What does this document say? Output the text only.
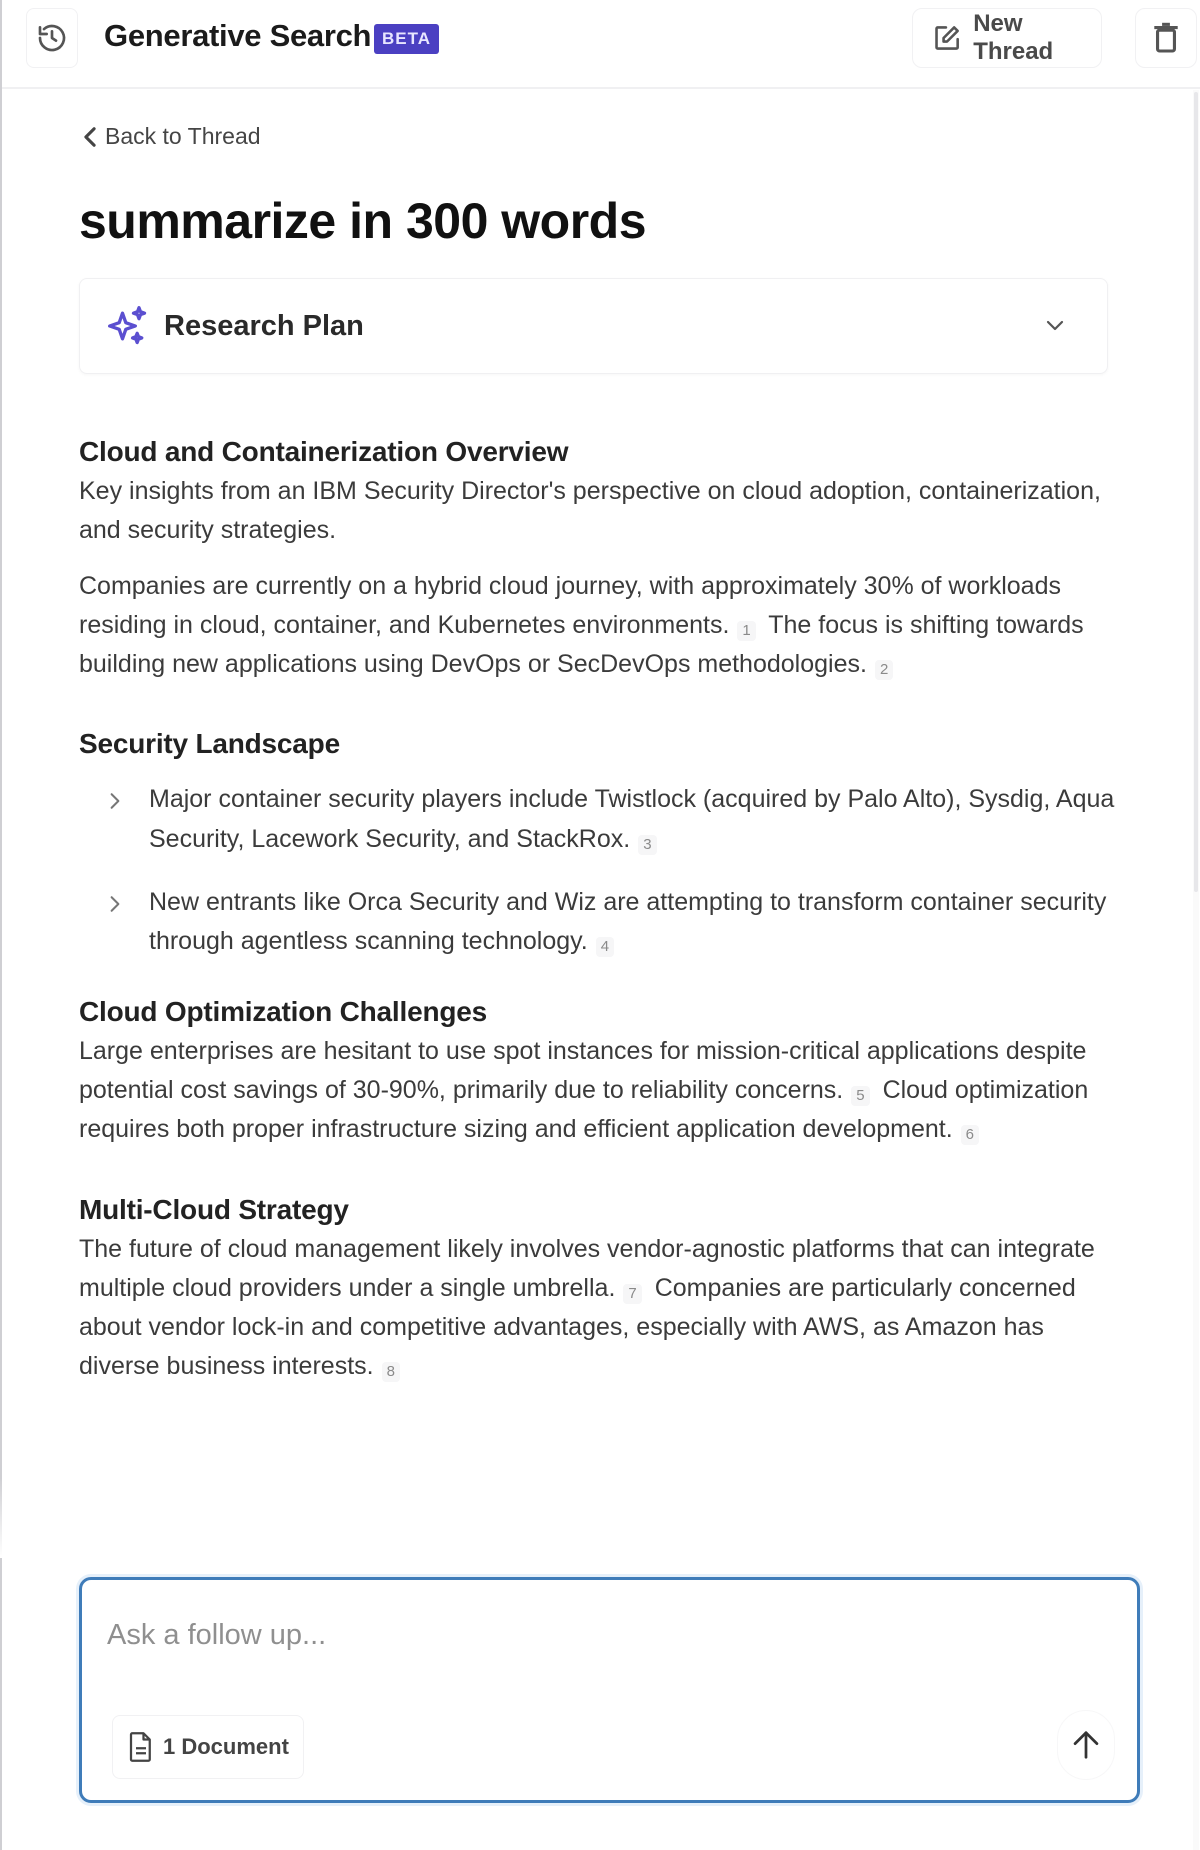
Generative Search BETA
New Thread
Back to Thread
summarize in 300 words
Research Plan
Cloud and Containerization Overview

Key insights from an IBM Security Director's perspective on cloud adoption, containerization, and security strategies.

Companies are currently on a hybrid cloud journey, with approximately 30% of workloads residing in cloud, container, and Kubernetes environments. 1 The focus is shifting towards building new applications using DevOps or SecDevOps methodologies. 2

Security Landscape
Major container security players include Twistlock (acquired by Palo Alto), Sysdig, Aqua Security, Lacework Security, and StackRox. 3
New entrants like Orca Security and Wiz are attempting to transform container security through agentless scanning technology. 4
Cloud Optimization Challenges

Large enterprises are hesitant to use spot instances for mission-critical applications despite potential cost savings of 30-90%, primarily due to reliability concerns. 5 Cloud optimization requires both proper infrastructure sizing and efficient application development. 6

Multi-Cloud Strategy

The future of cloud management likely involves vendor-agnostic platforms that can integrate multiple cloud providers under a single umbrella. 7 Companies are particularly concerned about vendor lock-in and competitive advantages, especially with AWS, as Amazon has diverse business interests. 8

Ask a follow up...
1 Document
